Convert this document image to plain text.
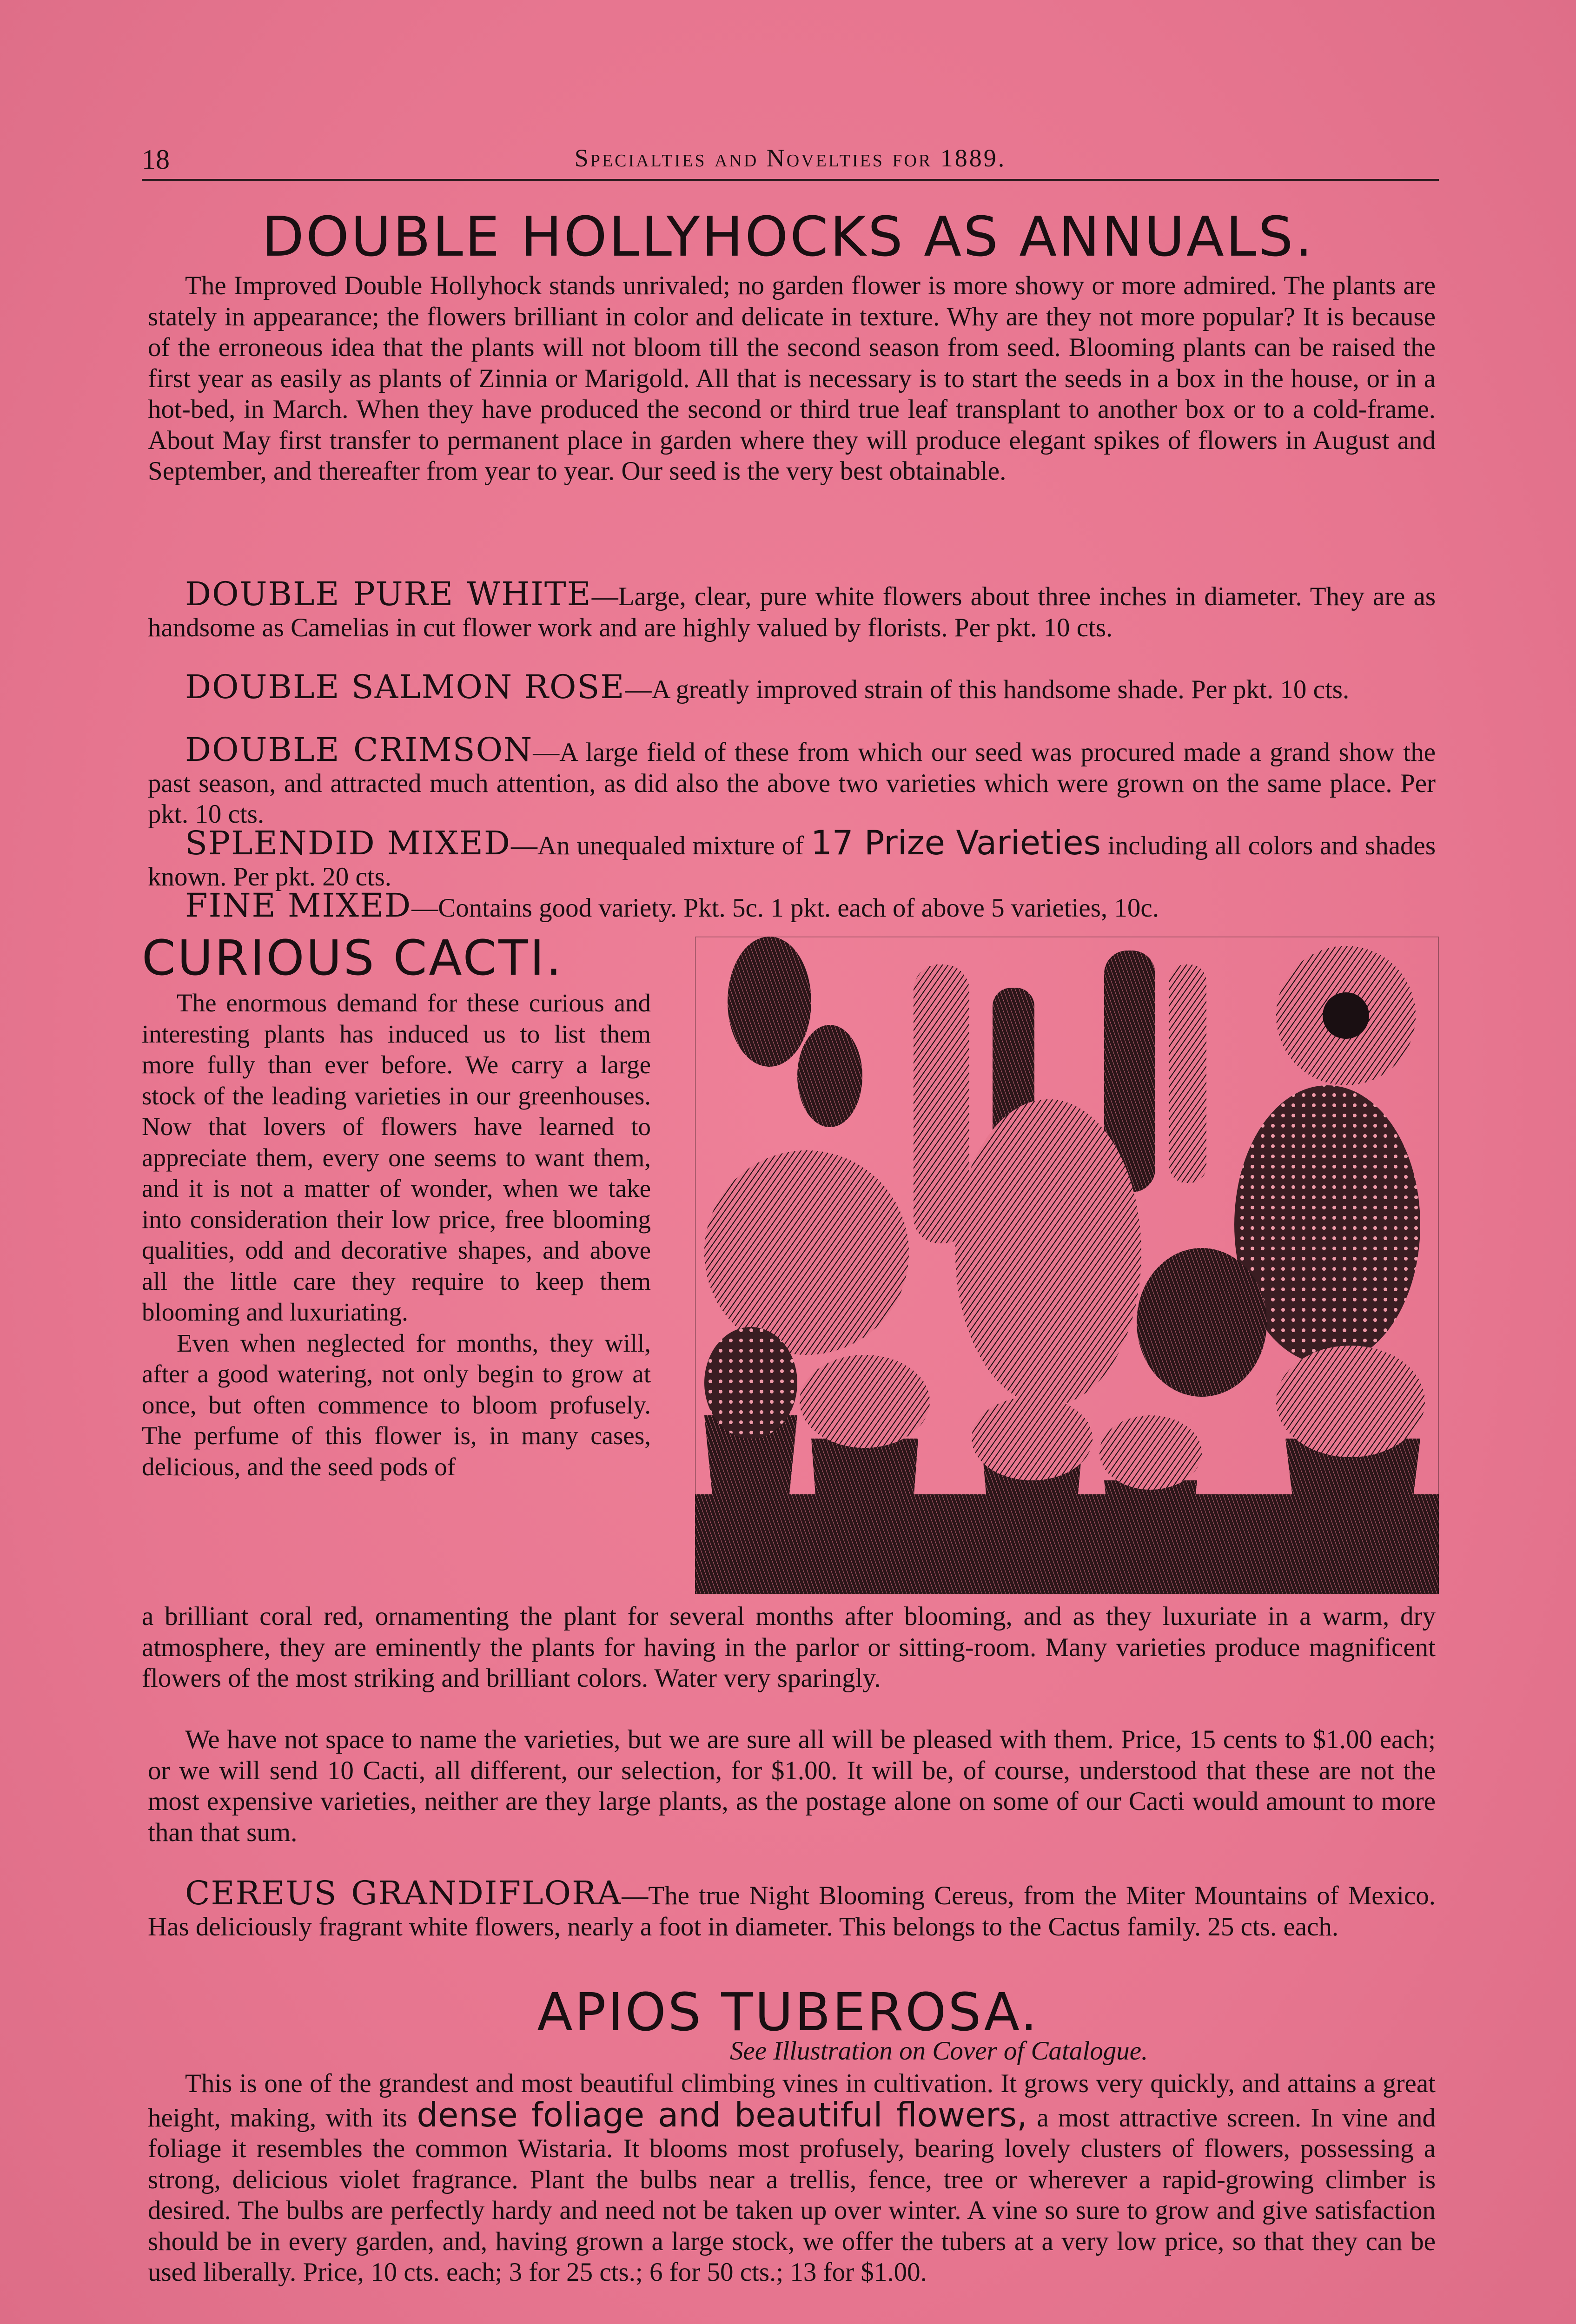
18	Specialties and Novelties for 1889.
DOUBLE HOLLYHOCKS AS ANNUALS.
The Improved Double Hollyhock stands unrivaled; no garden flower is more showy or more admired. The plants are stately in appearance; the flowers brilliant in color and delicate in texture. Why are they not more popular? It is because of the erroneous idea that the plants will not bloom till the second season from seed. Blooming plants can be raised the first year as easily as plants of Zinnia or Marigold. All that is necessary is to start the seeds in a box in the house, or in a hot-bed, in March. When they have produced the second or third true leaf transplant to another box or to a cold-frame. About May first transfer to permanent place in garden where they will produce elegant spikes of flowers in August and September, and thereafter from year to year. Our seed is the very best obtainable.
DOUBLE PURE WHITE—Large, clear, pure white flowers about three inches in diameter. They are as handsome as Camelias in cut flower work and are highly valued by florists. Per pkt. 10 cts.
DOUBLE SALMON ROSE—A greatly improved strain of this handsome shade. Per pkt. 10 cts.
DOUBLE CRIMSON—A large field of these from which our seed was procured made a grand show the past season, and attracted much attention, as did also the above two varieties which were grown on the same place. Per pkt. 10 cts.
SPLENDID MIXED—An unequaled mixture of 17 Prize Varieties including all colors and shades known. Per pkt. 20 cts.
FINE MIXED—Contains good variety. Pkt. 5c. 1 pkt. each of above 5 varieties, 10c.
CURIOUS CACTI.
The enormous demand for these curious and interesting plants has induced us to list them more fully than ever before. We carry a large stock of the leading varieties in our greenhouses. Now that lovers of flowers have learned to appreciate them, every one seems to want them, and it is not a matter of wonder, when we take into consideration their low price, free blooming qualities, odd and decorative shapes, and above all the little care they require to keep them blooming and luxuriating.
Even when neglected for months, they will, after a good watering, not only begin to grow at once, but often commence to bloom profusely. The perfume of this flower is, in many cases, delicious, and the seed pods of
a brilliant coral red, ornamenting the plant for several months after blooming, and as they luxuriate in a warm, dry atmosphere, they are eminently the plants for having in the parlor or sitting-room. Many varieties produce magnificent flowers of the most striking and brilliant colors. Water very sparingly.
We have not space to name the varieties, but we are sure all will be pleased with them. Price, 15 cents to $1.00 each; or we will send 10 Cacti, all different, our selection, for $1.00. It will be, of course, understood that these are not the most expensive varieties, neither are they large plants, as the postage alone on some of our Cacti would amount to more than that sum.
CEREUS GRANDIFLORA—The true Night Blooming Cereus, from the Miter Mountains of Mexico. Has deliciously fragrant white flowers, nearly a foot in diameter. This belongs to the Cactus family. 25 cts. each.
APIOS TUBEROSA.
See Illustration on Cover of Catalogue.
This is one of the grandest and most beautiful climbing vines in cultivation. It grows very quickly, and attains a great height, making, with its dense foliage and beautiful flowers, a most attractive screen. In vine and foliage it resembles the common Wistaria. It blooms most profusely, bearing lovely clusters of flowers, possessing a strong, delicious violet fragrance. Plant the bulbs near a trellis, fence, tree or wherever a rapid-growing climber is desired. The bulbs are perfectly hardy and need not be taken up over winter. A vine so sure to grow and give satisfaction should be in every garden, and, having grown a large stock, we offer the tubers at a very low price, so that they can be used liberally. Price, 10 cts. each; 3 for 25 cts.; 6 for 50 cts.; 13 for $1.00.
